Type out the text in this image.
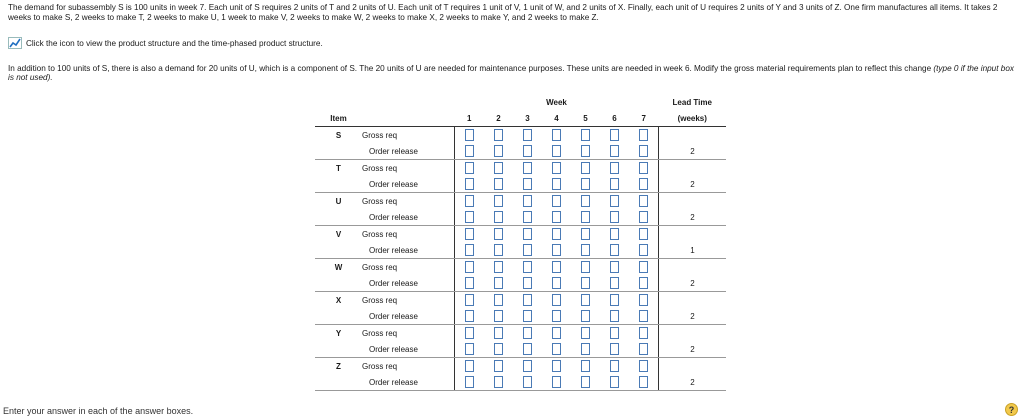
The demand for subassembly S is 100 units in week 7. Each unit of S requires 2 units of T and 2 units of U. Each unit of T requires 1 unit of V, 1 unit of W, and 2 units of X. Finally, each unit of U requires 2 units of Y and 3 units of Z. One firm manufactures all items. It takes 2 weeks to make S, 2 weeks to make T, 2 weeks to make U, 1 week to make V, 2 weeks to make W, 2 weeks to make X, 2 weeks to make Y, and 2 weeks to make Z.
Click the icon to view the product structure and the time-phased product structure.
In addition to 100 units of S, there is also a demand for 20 units of U, which is a component of S. The 20 units of U are needed for maintenance purposes. These units are needed in week 6. Modify the gross material requirements plan to reflect this change (type 0 if the input box is not used).
			Week							Lead Time
Item			1	2	3	4	5	6	7	(weeks)
S	Gross req									
	Order release									2
T	Gross req									
	Order release									2
U	Gross req									
	Order release									2
V	Gross req									
	Order release									1
W	Gross req									
	Order release									2
X	Gross req									
	Order release									2
Y	Gross req									
	Order release									2
Z	Gross req									
	Order release									2
Enter your answer in each of the answer boxes.	?
